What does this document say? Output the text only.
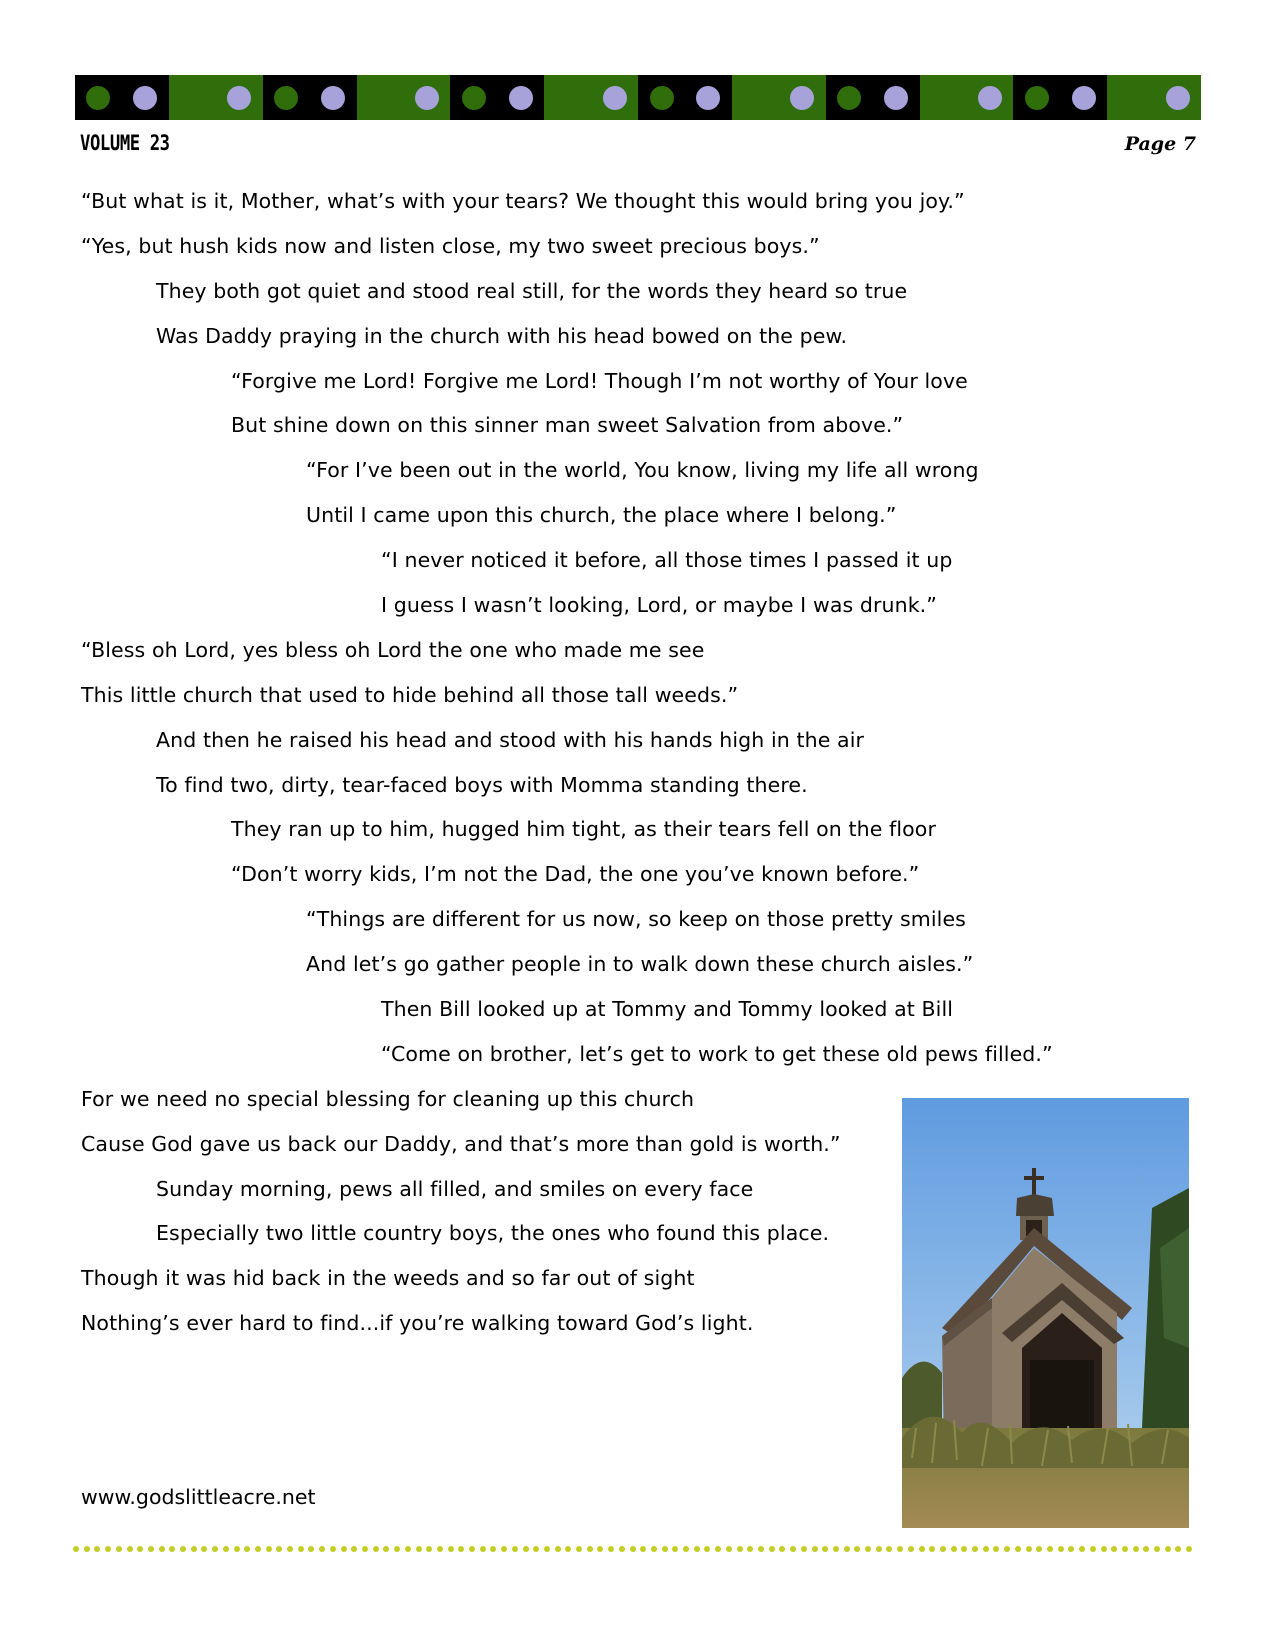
VOLUME 23	Page 7
“But what is it, Mother, what’s with your tears? We thought this would bring you joy.”
“Yes, but hush kids now and listen close, my two sweet precious boys.”
They both got quiet and stood real still, for the words they heard so true
Was Daddy praying in the church with his head bowed on the pew.
“Forgive me Lord! Forgive me Lord! Though I’m not worthy of Your love
But shine down on this sinner man sweet Salvation from above.”
“For I’ve been out in the world, You know, living my life all wrong
Until I came upon this church, the place where I belong.”
“I never noticed it before, all those times I passed it up
I guess I wasn’t looking, Lord, or maybe I was drunk.”
“Bless oh Lord, yes bless oh Lord the one who made me see
This little church that used to hide behind all those tall weeds.”
And then he raised his head and stood with his hands high in the air
To find two, dirty, tear-faced boys with Momma standing there.
They ran up to him, hugged him tight, as their tears fell on the floor
“Don’t worry kids, I’m not the Dad, the one you’ve known before.”
“Things are different for us now, so keep on those pretty smiles
And let’s go gather people in to walk down these church aisles.”
Then Bill looked up at Tommy and Tommy looked at Bill
“Come on brother, let’s get to work to get these old pews filled.”
For we need no special blessing for cleaning up this church
Cause God gave us back our Daddy, and that’s more than gold is worth.”
Sunday morning, pews all filled, and smiles on every face
Especially two little country boys, the ones who found this place.
Though it was hid back in the weeds and so far out of sight
Nothing’s ever hard to find...if you’re walking toward God’s light.
www.godslittleacre.net
